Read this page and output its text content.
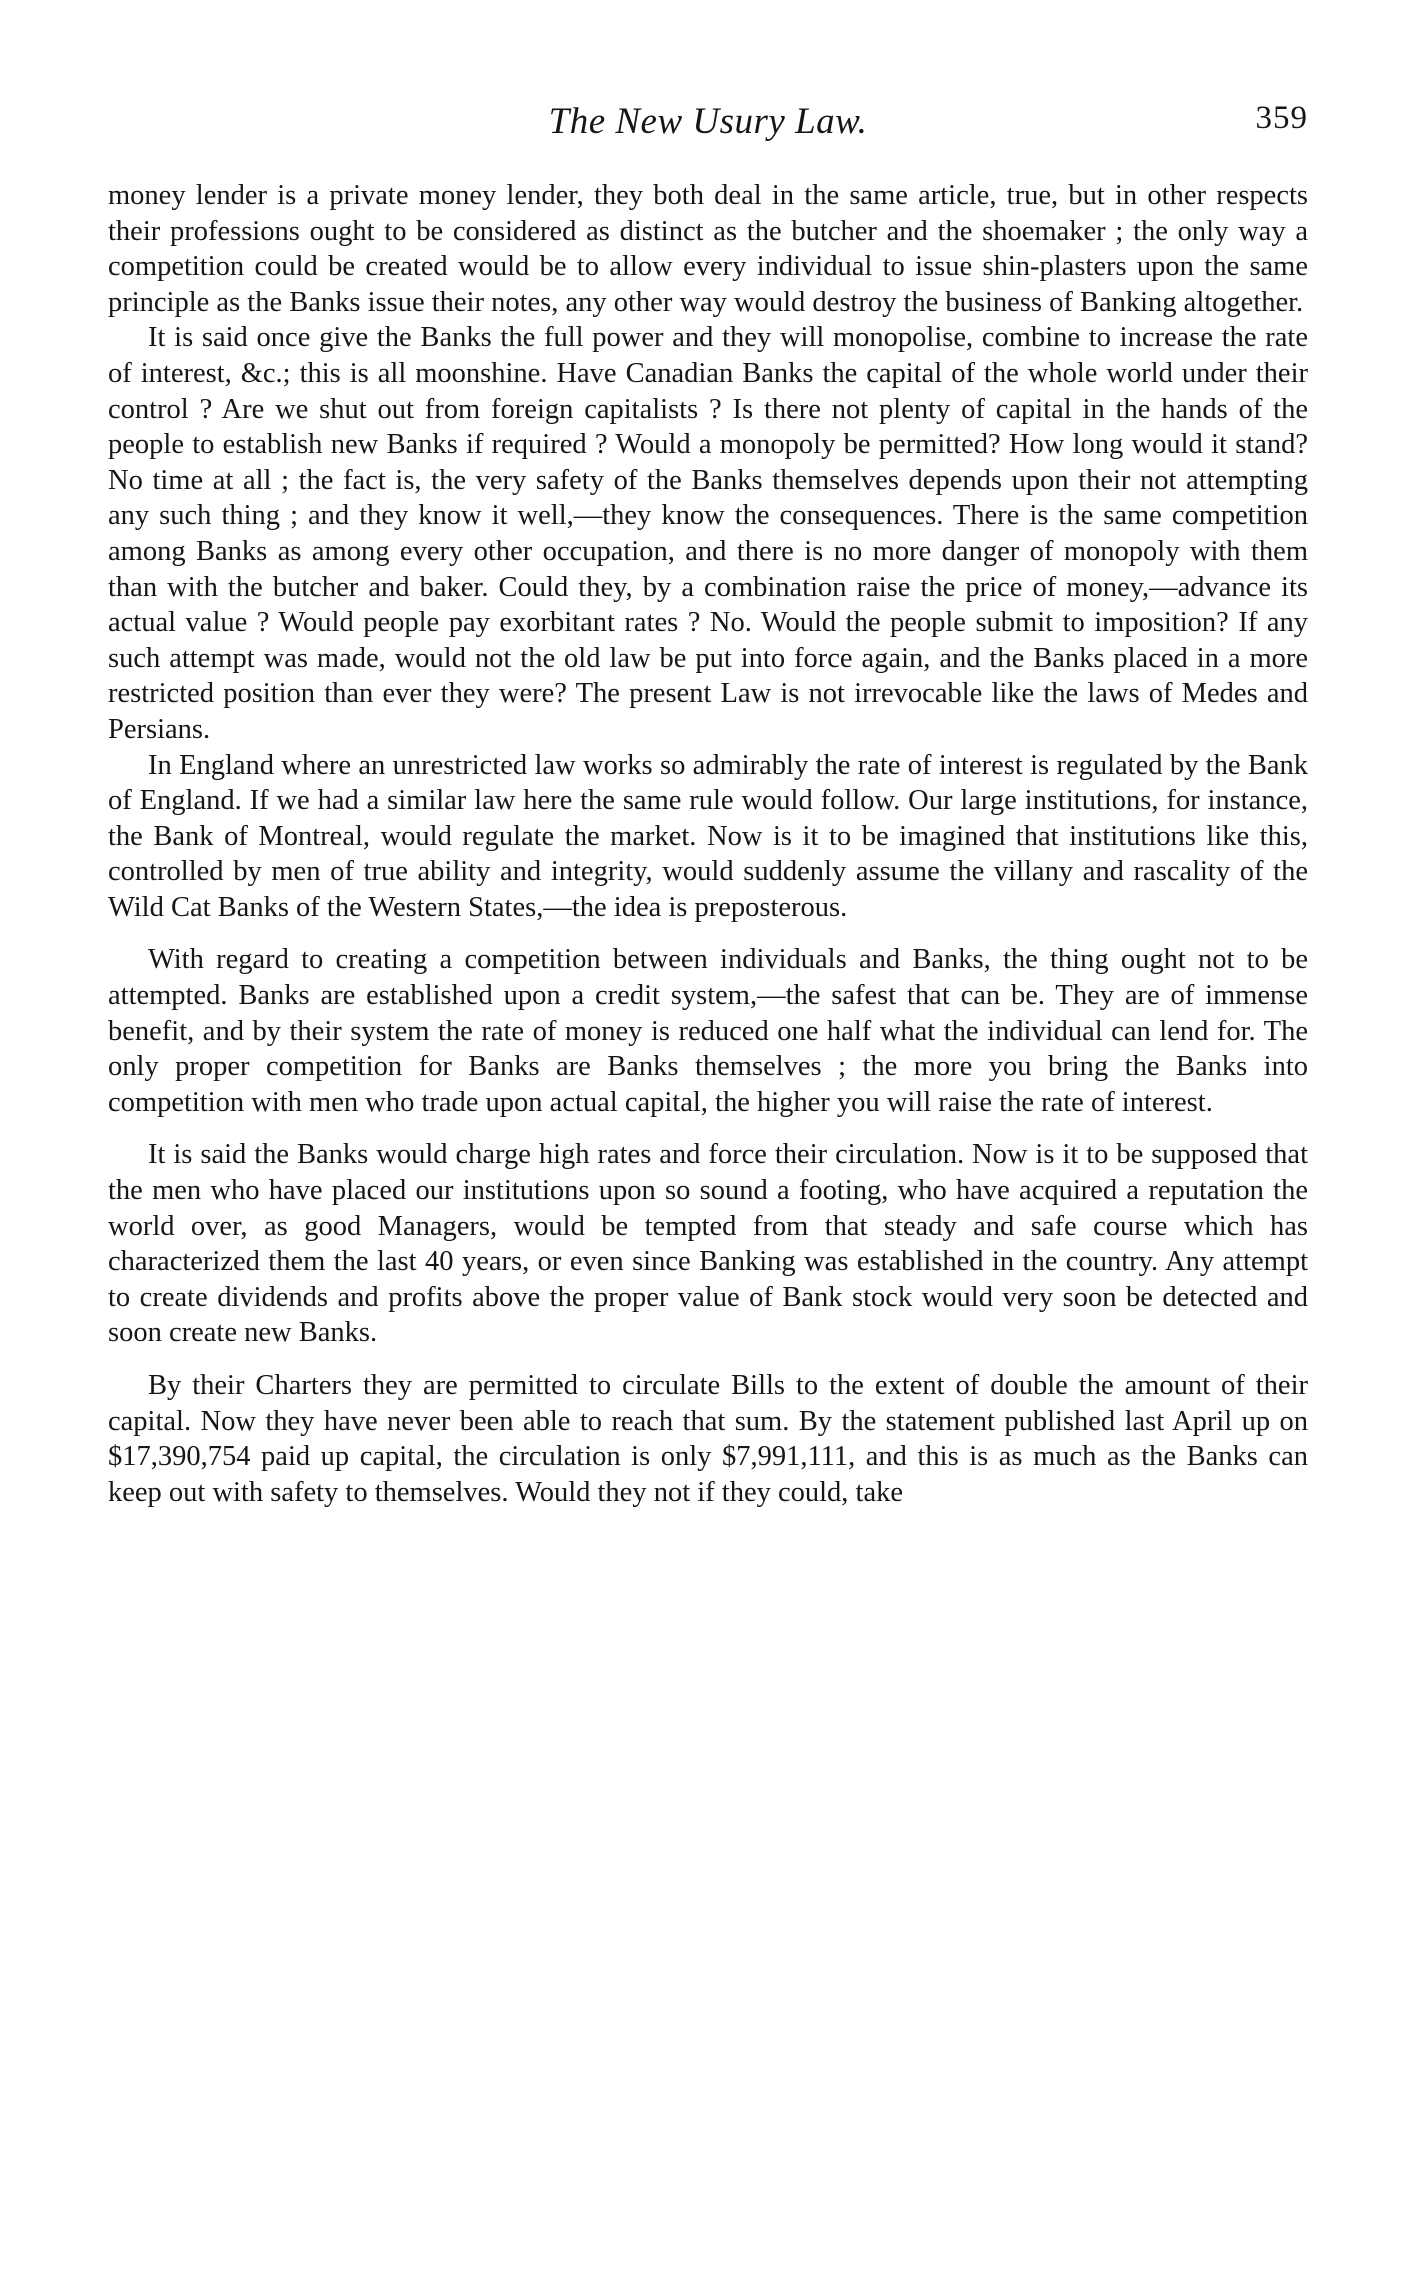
The New Usury Law.	359

money lender is a private money lender, they both deal in the same article, true, but in other respects their professions ought to be considered as distinct as the butcher and the shoemaker ; the only way a competition could be created would be to allow every individual to issue shin-plasters upon the same principle as the Banks issue their notes, any other way would destroy the business of Banking altogether.

It is said once give the Banks the full power and they will monopolise, combine to increase the rate of interest, &c.; this is all moonshine. Have Canadian Banks the capital of the whole world under their control ? Are we shut out from foreign capitalists ? Is there not plenty of capital in the hands of the people to establish new Banks if required ? Would a monopoly be permitted? How long would it stand? No time at all ; the fact is, the very safety of the Banks themselves depends upon their not attempting any such thing ; and they know it well,—they know the consequences. There is the same competition among Banks as among every other occupation, and there is no more danger of monopoly with them than with the butcher and baker. Could they, by a combination raise the price of money,—advance its actual value ? Would people pay exorbitant rates ? No. Would the people submit to imposition? If any such attempt was made, would not the old law be put into force again, and the Banks placed in a more restricted position than ever they were? The present Law is not irrevocable like the laws of Medes and Persians.

In England where an unrestricted law works so admirably the rate of interest is regulated by the Bank of England. If we had a similar law here the same rule would follow. Our large institutions, for instance, the Bank of Montreal, would regulate the market. Now is it to be imagined that institutions like this, controlled by men of true ability and integrity, would suddenly assume the villany and rascality of the Wild Cat Banks of the Western States,—the idea is preposterous.

With regard to creating a competition between individuals and Banks, the thing ought not to be attempted. Banks are established upon a credit system,—the safest that can be. They are of immense benefit, and by their system the rate of money is reduced one half what the individual can lend for. The only proper competition for Banks are Banks themselves ; the more you bring the Banks into competition with men who trade upon actual capital, the higher you will raise the rate of interest.

It is said the Banks would charge high rates and force their circulation. Now is it to be supposed that the men who have placed our institutions upon so sound a footing, who have acquired a reputation the world over, as good Managers, would be tempted from that steady and safe course which has characterized them the last 40 years, or even since Banking was established in the country. Any attempt to create dividends and profits above the proper value of Bank stock would very soon be detected and soon create new Banks.

By their Charters they are permitted to circulate Bills to the extent of double the amount of their capital. Now they have never been able to reach that sum. By the statement published last April up on $17,390,754 paid up capital, the circulation is only $7,991,111, and this is as much as the Banks can keep out with safety to themselves. Would they not if they could, take
